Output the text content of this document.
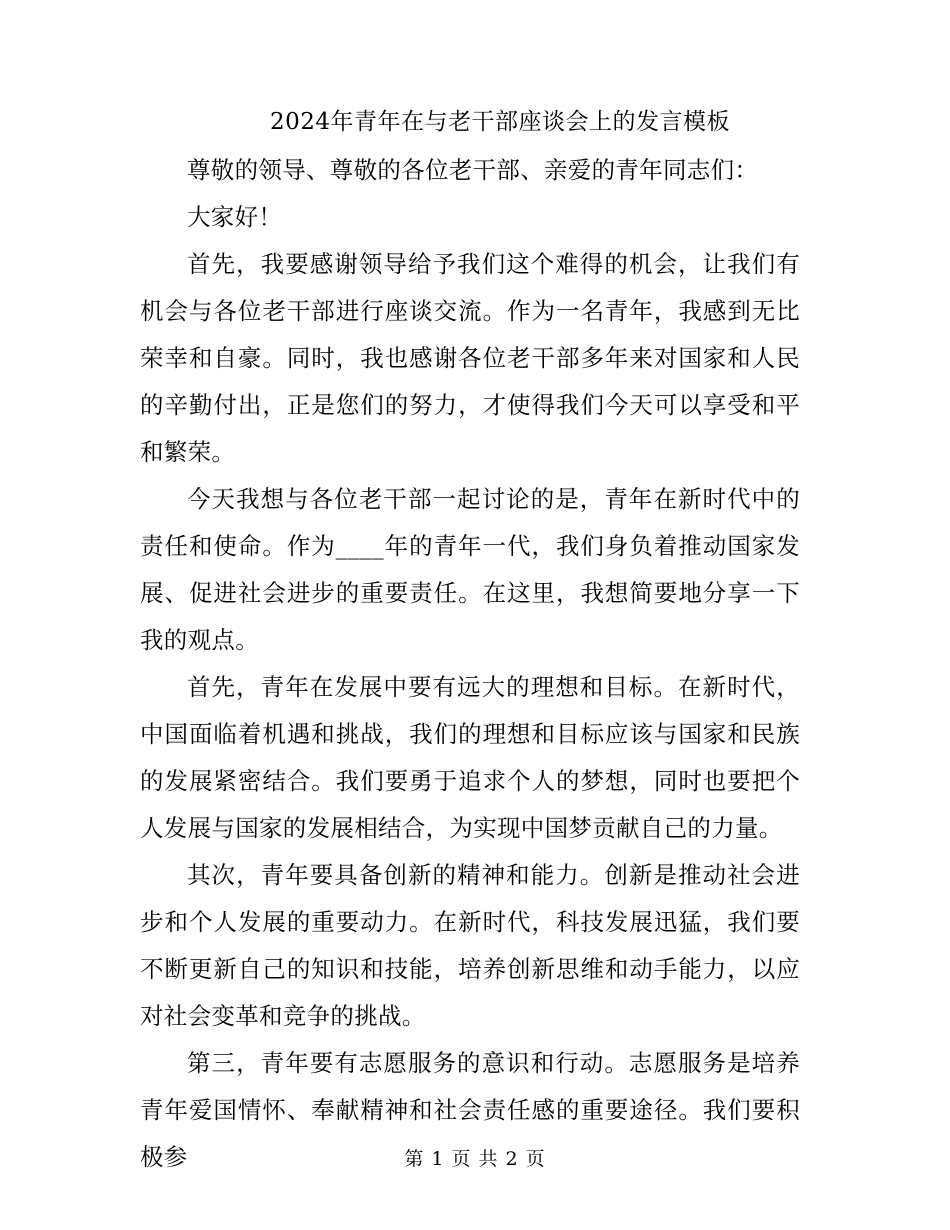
2024年青年在与老干部座谈会上的发言模板

尊敬的领导、尊敬的各位老干部、亲爱的青年同志们：

大家好！

首先，我要感谢领导给予我们这个难得的机会，让我们有机会与各位老干部进行座谈交流。作为一名青年，我感到无比荣幸和自豪。同时，我也感谢各位老干部多年来对国家和人民的辛勤付出，正是您们的努力，才使得我们今天可以享受和平和繁荣。

今天我想与各位老干部一起讨论的是，青年在新时代中的责任和使命。作为____年的青年一代，我们身负着推动国家发展、促进社会进步的重要责任。在这里，我想简要地分享一下我的观点。

首先，青年在发展中要有远大的理想和目标。在新时代，中国面临着机遇和挑战，我们的理想和目标应该与国家和民族的发展紧密结合。我们要勇于追求个人的梦想，同时也要把个人发展与国家的发展相结合，为实现中国梦贡献自己的力量。

其次，青年要具备创新的精神和能力。创新是推动社会进步和个人发展的重要动力。在新时代，科技发展迅猛，我们要不断更新自己的知识和技能，培养创新思维和动手能力，以应对社会变革和竞争的挑战。

第三，青年要有志愿服务的意识和行动。志愿服务是培养青年爱国情怀、奉献精神和社会责任感的重要途径。我们要积极参	第 1 页 共 2 页
